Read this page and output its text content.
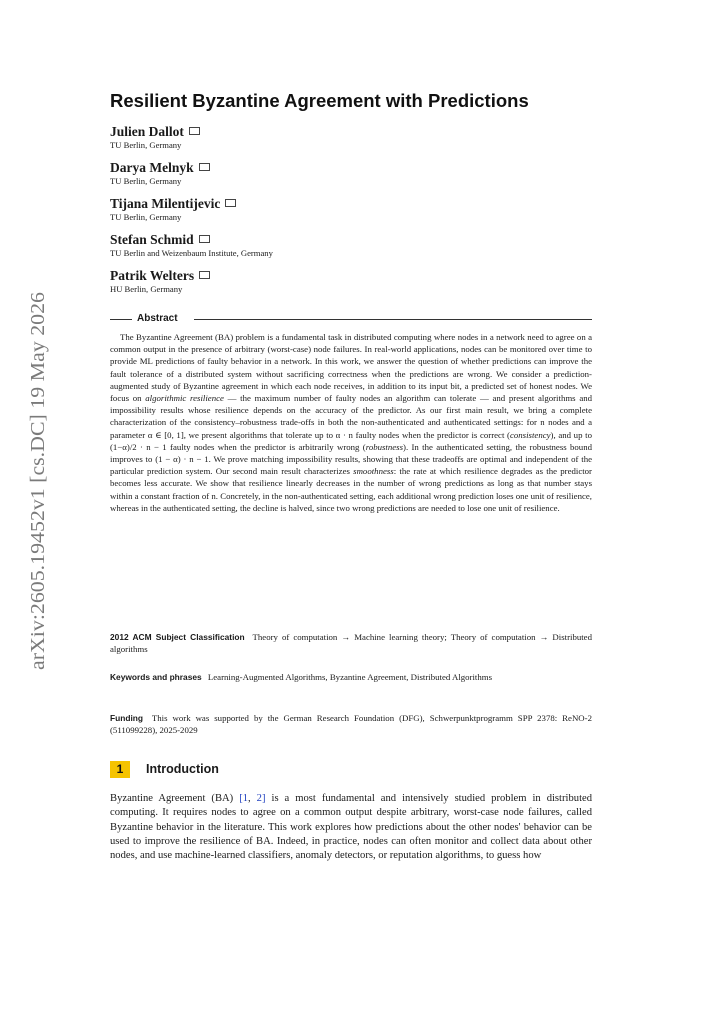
arXiv:2605.19452v1 [cs.DC] 19 May 2026
Resilient Byzantine Agreement with Predictions
Julien Dallot
TU Berlin, Germany
Darya Melnyk
TU Berlin, Germany
Tijana Milentijevic
TU Berlin, Germany
Stefan Schmid
TU Berlin and Weizenbaum Institute, Germany
Patrik Welters
HU Berlin, Germany
Abstract
The Byzantine Agreement (BA) problem is a fundamental task in distributed computing where nodes in a network need to agree on a common output in the presence of arbitrary (worst-case) node failures. In real-world applications, nodes can be monitored over time to provide ML predictions of faulty behavior in a network. In this work, we answer the question of whether predictions can improve the fault tolerance of a distributed system without sacrificing correctness when the predictions are wrong. We consider a prediction-augmented study of Byzantine agreement in which each node receives, in addition to its input bit, a predicted set of honest nodes. We focus on algorithmic resilience — the maximum number of faulty nodes an algorithm can tolerate — and present algorithms and impossibility results whose resilience depends on the accuracy of the predictor. As our first main result, we bring a complete characterization of the consistency–robustness trade-offs in both the non-authenticated and authenticated settings: for n nodes and a parameter α ∈ [0, 1], we present algorithms that tolerate up to α · n faulty nodes when the predictor is correct (consistency), and up to (1−α)/2 · n − 1 faulty nodes when the predictor is arbitrarily wrong (robustness). In the authenticated setting, the robustness bound improves to (1 − α) · n − 1. We prove matching impossibility results, showing that these tradeoffs are optimal and independent of the particular prediction system. Our second main result characterizes smoothness: the rate at which resilience degrades as the predictor becomes less accurate. We show that resilience linearly decreases in the number of wrong predictions as long as that number stays within a constant fraction of n. Concretely, in the non-authenticated setting, each additional wrong prediction loses one unit of resilience, whereas in the authenticated setting, the decline is halved, since two wrong predictions are needed to lose one unit of resilience.
2012 ACM Subject Classification Theory of computation → Machine learning theory; Theory of computation → Distributed algorithms
Keywords and phrases Learning-Augmented Algorithms, Byzantine Agreement, Distributed Algorithms
Funding This work was supported by the German Research Foundation (DFG), Schwerpunktprogramm SPP 2378: ReNO-2 (511099228), 2025-2029
1	Introduction
Byzantine Agreement (BA) [1, 2] is a most fundamental and intensively studied problem in distributed computing. It requires nodes to agree on a common output despite arbitrary, worst-case node failures, called Byzantine behavior in the literature. This work explores how predictions about the other nodes' behavior can be used to improve the resilience of BA. Indeed, in practice, nodes can often monitor and collect data about other nodes, and use machine-learned classifiers, anomaly detectors, or reputation algorithms, to guess how
